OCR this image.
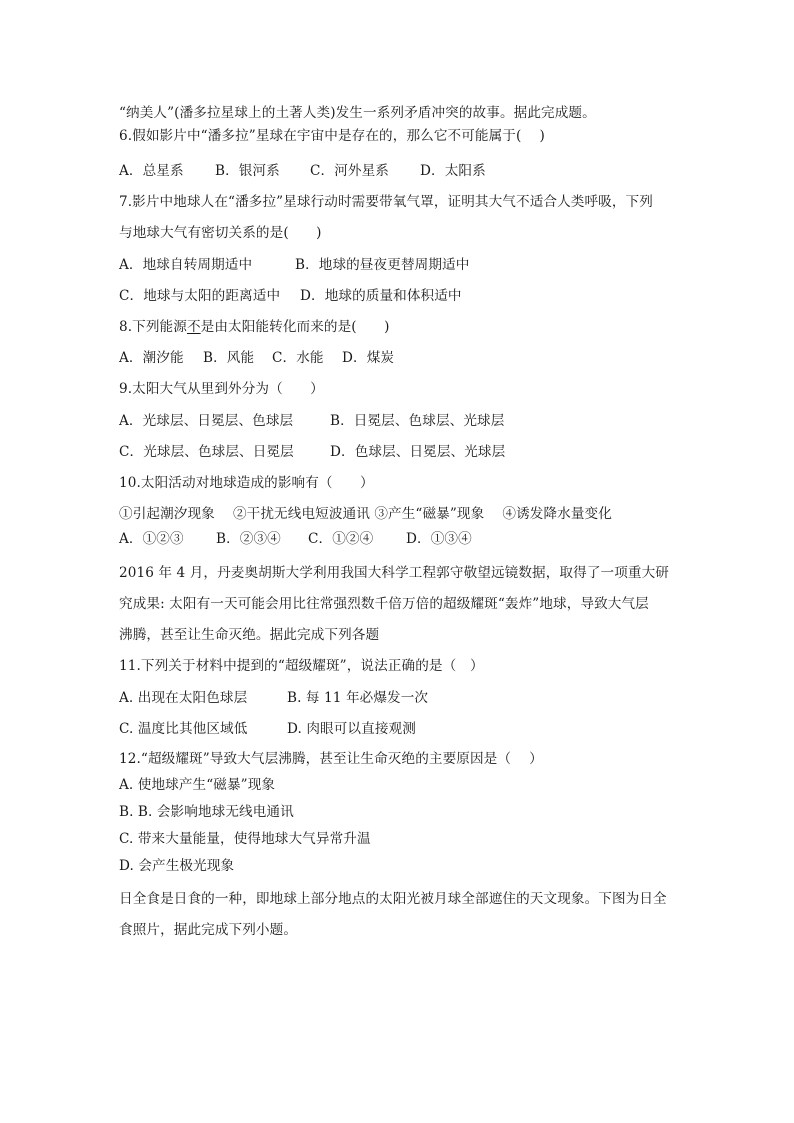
“纳美人”(潘多拉星球上的土著人类)发生一系列矛盾冲突的故事。据此完成题。
6.假如影片中“潘多拉”星球在宇宙中是存在的，那么它不可能属于(　 )
A．总星系 B．银河系 C．河外星系 D．太阳系
7.影片中地球人在“潘多拉”星球行动时需要带氧气罩，证明其大气不适合人类呼吸，下列
与地球大气有密切关系的是(　　)
A．地球自转周期适中	B．地球的昼夜更替周期适中
C．地球与太阳的距离适中 D．地球的质量和体积适中
8.下列能源不是由太阳能转化而来的是(　　)
A．潮汐能 B．风能 C．水能 D．煤炭
9.太阳大气从里到外分为（　　）
A．光球层、日冕层、色球层	B．日冕层、色球层、光球层
C．光球层、色球层、日冕层	D．色球层、日冕层、光球层
10.太阳活动对地球造成的影响有（　　）
①引起潮汐现象　 ②干扰无线电短波通讯 ③产生“磁暴”现象　 ④诱发降水量变化
A．①②③ B．②③④ C．①②④ D．①③④
2016 年 4 月，丹麦奥胡斯大学利用我国大科学工程郭守敬望远镜数据，取得了一项重大研
究成果: 太阳有一天可能会用比往常强烈数千倍万倍的超级耀斑“轰炸”地球，导致大气层
沸腾，甚至让生命灭绝。据此完成下列各题
11.下列关于材料中提到的“超级耀斑”，说法正确的是（　）
A. 出现在太阳色球层	B. 每 11 年必爆发一次
C. 温度比其他区域低	D. 肉眼可以直接观测
12.“超级耀斑”导致大气层沸腾，甚至让生命灭绝的主要原因是（　 ）
A. 使地球产生“磁暴”现象
B. B. 会影响地球无线电通讯
C. 带来大量能量，使得地球大气异常升温
D. 会产生极光现象
日全食是日食的一种，即地球上部分地点的太阳光被月球全部遮住的天文现象。下图为日全
食照片，据此完成下列小题。
